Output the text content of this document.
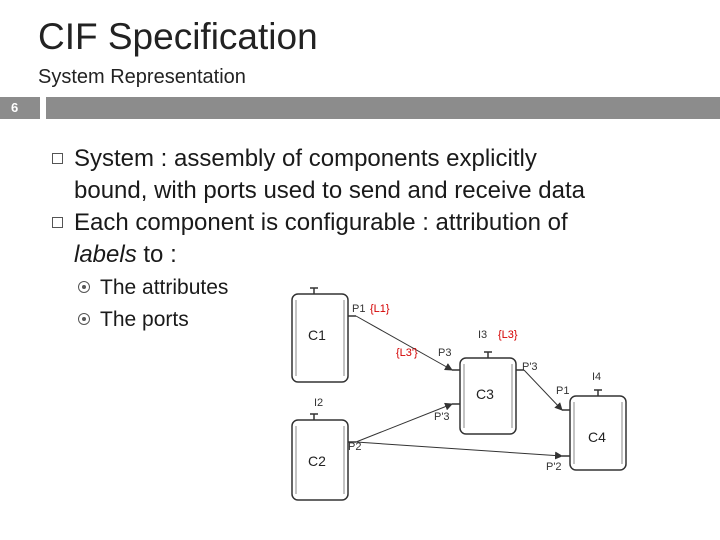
CIF Specification
System Representation
6
System : assembly of components explicitly
bound, with ports used to send and receive data
Each component is configurable : attribution of
labels to :
The attributes
The ports
C1
C2
C3
C4
P1
I3
P3
P'3
I2
P'3
P2
I4
P1
P'2
{L1}
{L3}
{L3'}
